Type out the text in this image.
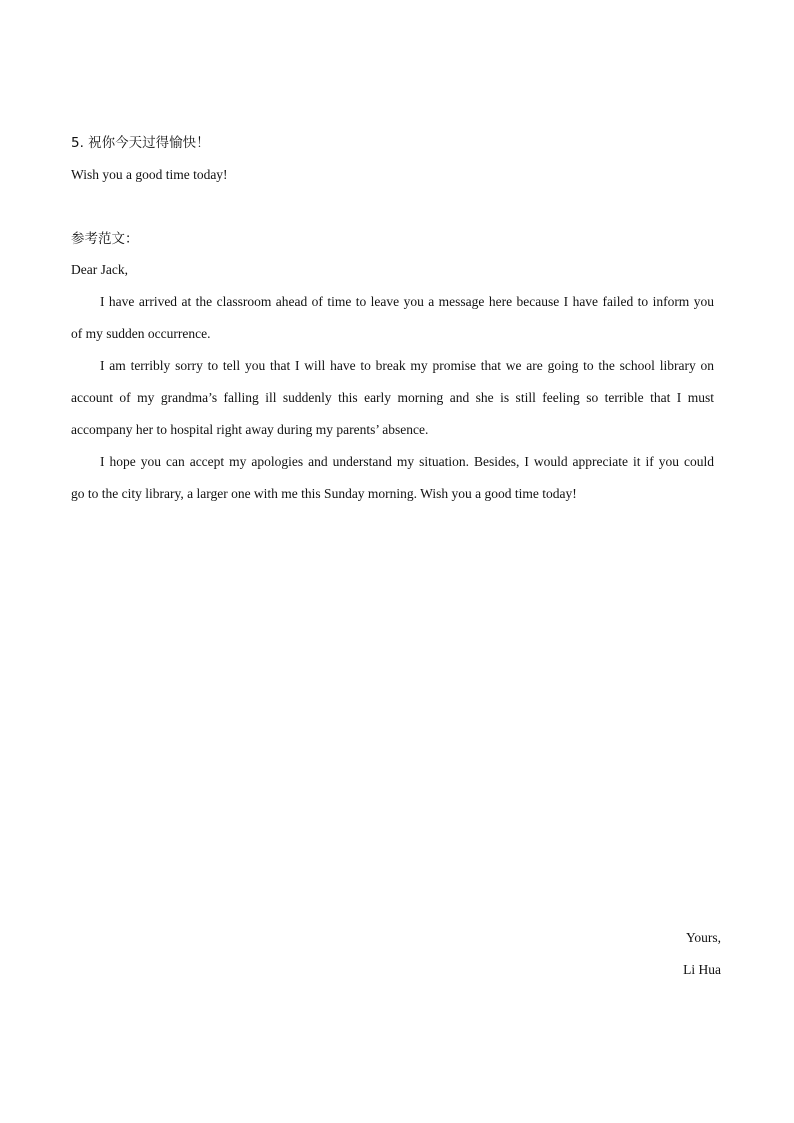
5. 祝你今天过得愉快！
Wish you a good time today!
参考范文：
Dear Jack,
I have arrived at the classroom ahead of time to leave you a message here because I have failed to inform you
of my sudden occurrence.
I am terribly sorry to tell you that I will have to break my promise that we are going to the school library on
account of my grandma’s falling ill suddenly this early morning and she is still feeling so terrible that I must
accompany her to hospital right away during my parents’ absence.
I hope you can accept my apologies and understand my situation. Besides, I would appreciate it if you could
go to the city library, a larger one with me this Sunday morning. Wish you a good time today!
Yours,
Li Hua
